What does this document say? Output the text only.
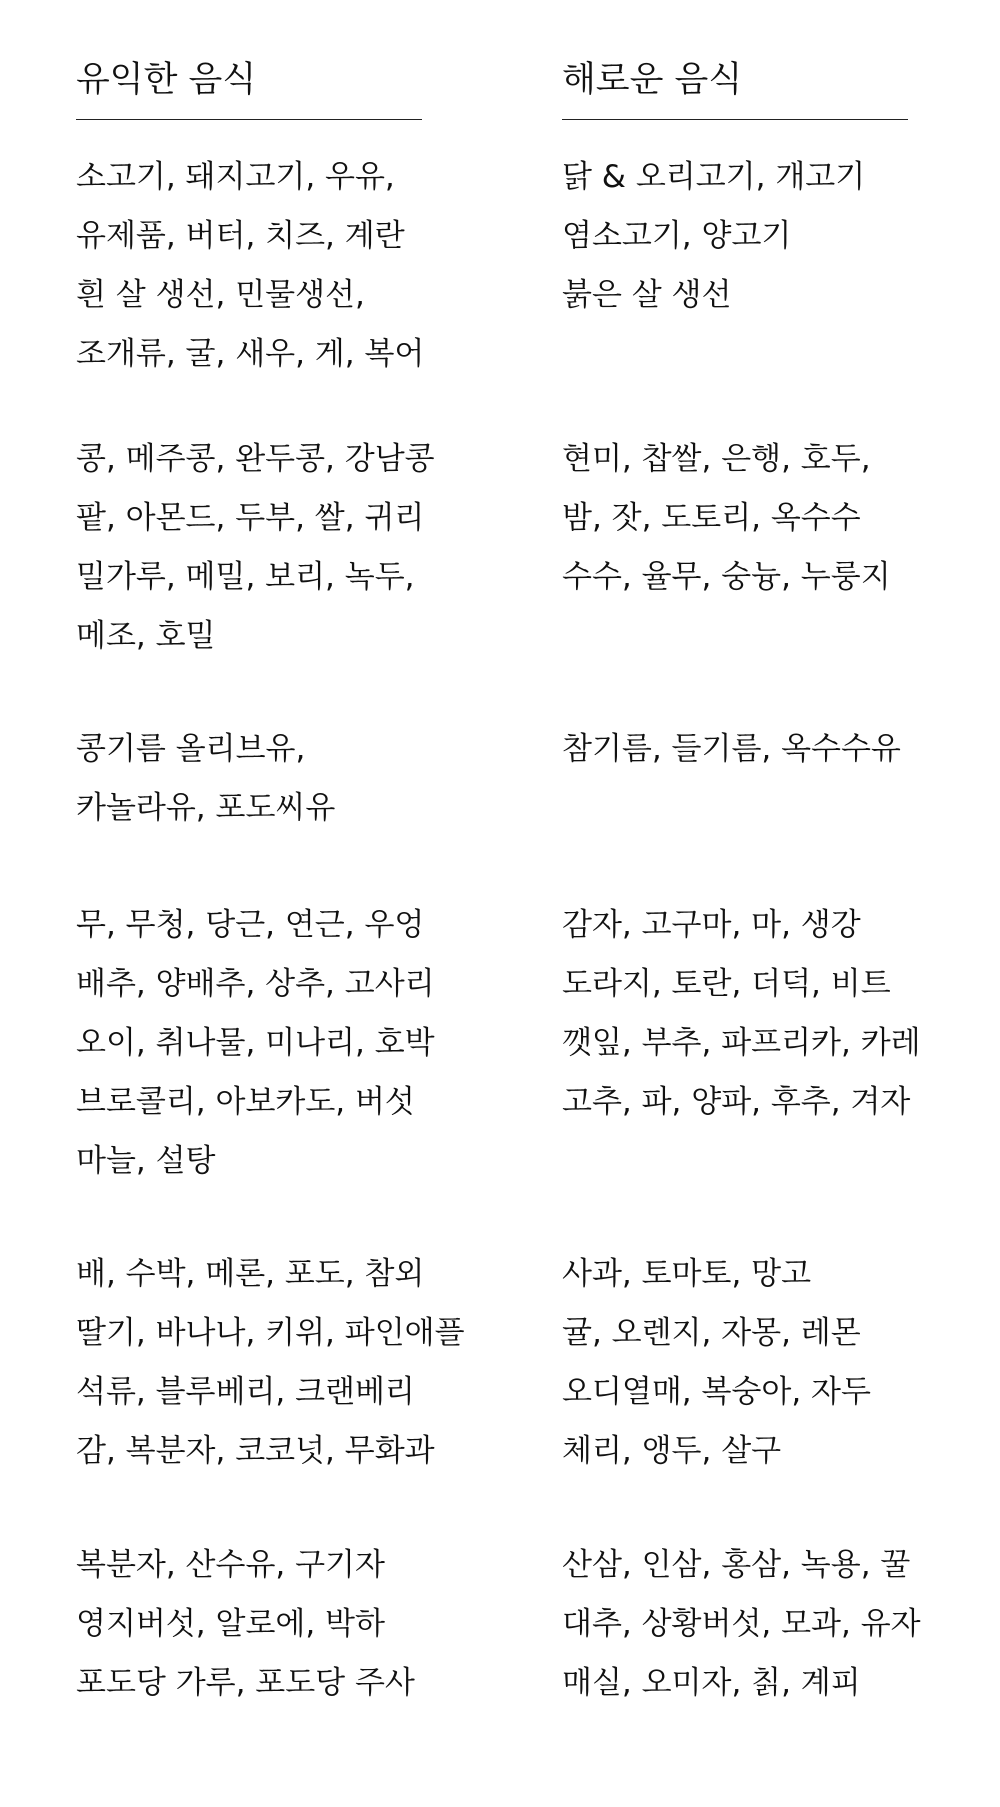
유익한 음식

소고기, 돼지고기, 우유,

유제품, 버터, 치즈, 계란

흰 살 생선, 민물생선,

조개류, 굴, 새우, 게, 복어

콩, 메주콩, 완두콩, 강남콩

팥, 아몬드, 두부, 쌀, 귀리

밀가루, 메밀, 보리, 녹두,

메조, 호밀

콩기름 올리브유,

카놀라유, 포도씨유

무, 무청, 당근, 연근, 우엉

배추, 양배추, 상추, 고사리

오이, 취나물, 미나리, 호박

브로콜리, 아보카도, 버섯

마늘, 설탕

배, 수박, 메론, 포도, 참외

딸기, 바나나, 키위, 파인애플

석류, 블루베리, 크랜베리

감, 복분자, 코코넛, 무화과

복분자, 산수유, 구기자

영지버섯, 알로에, 박하

포도당 가루, 포도당 주사

해로운 음식

닭 & 오리고기, 개고기

염소고기, 양고기

붉은 살 생선

현미, 찹쌀, 은행, 호두,

밤, 잣, 도토리, 옥수수

수수, 율무, 숭늉, 누룽지

참기름, 들기름, 옥수수유

감자, 고구마, 마, 생강

도라지, 토란, 더덕, 비트

깻잎, 부추, 파프리카, 카레

고추, 파, 양파, 후추, 겨자

사과, 토마토, 망고

귤, 오렌지, 자몽, 레몬

오디열매, 복숭아, 자두

체리, 앵두, 살구

산삼, 인삼, 홍삼, 녹용, 꿀

대추, 상황버섯, 모과, 유자

매실, 오미자, 칡, 계피
